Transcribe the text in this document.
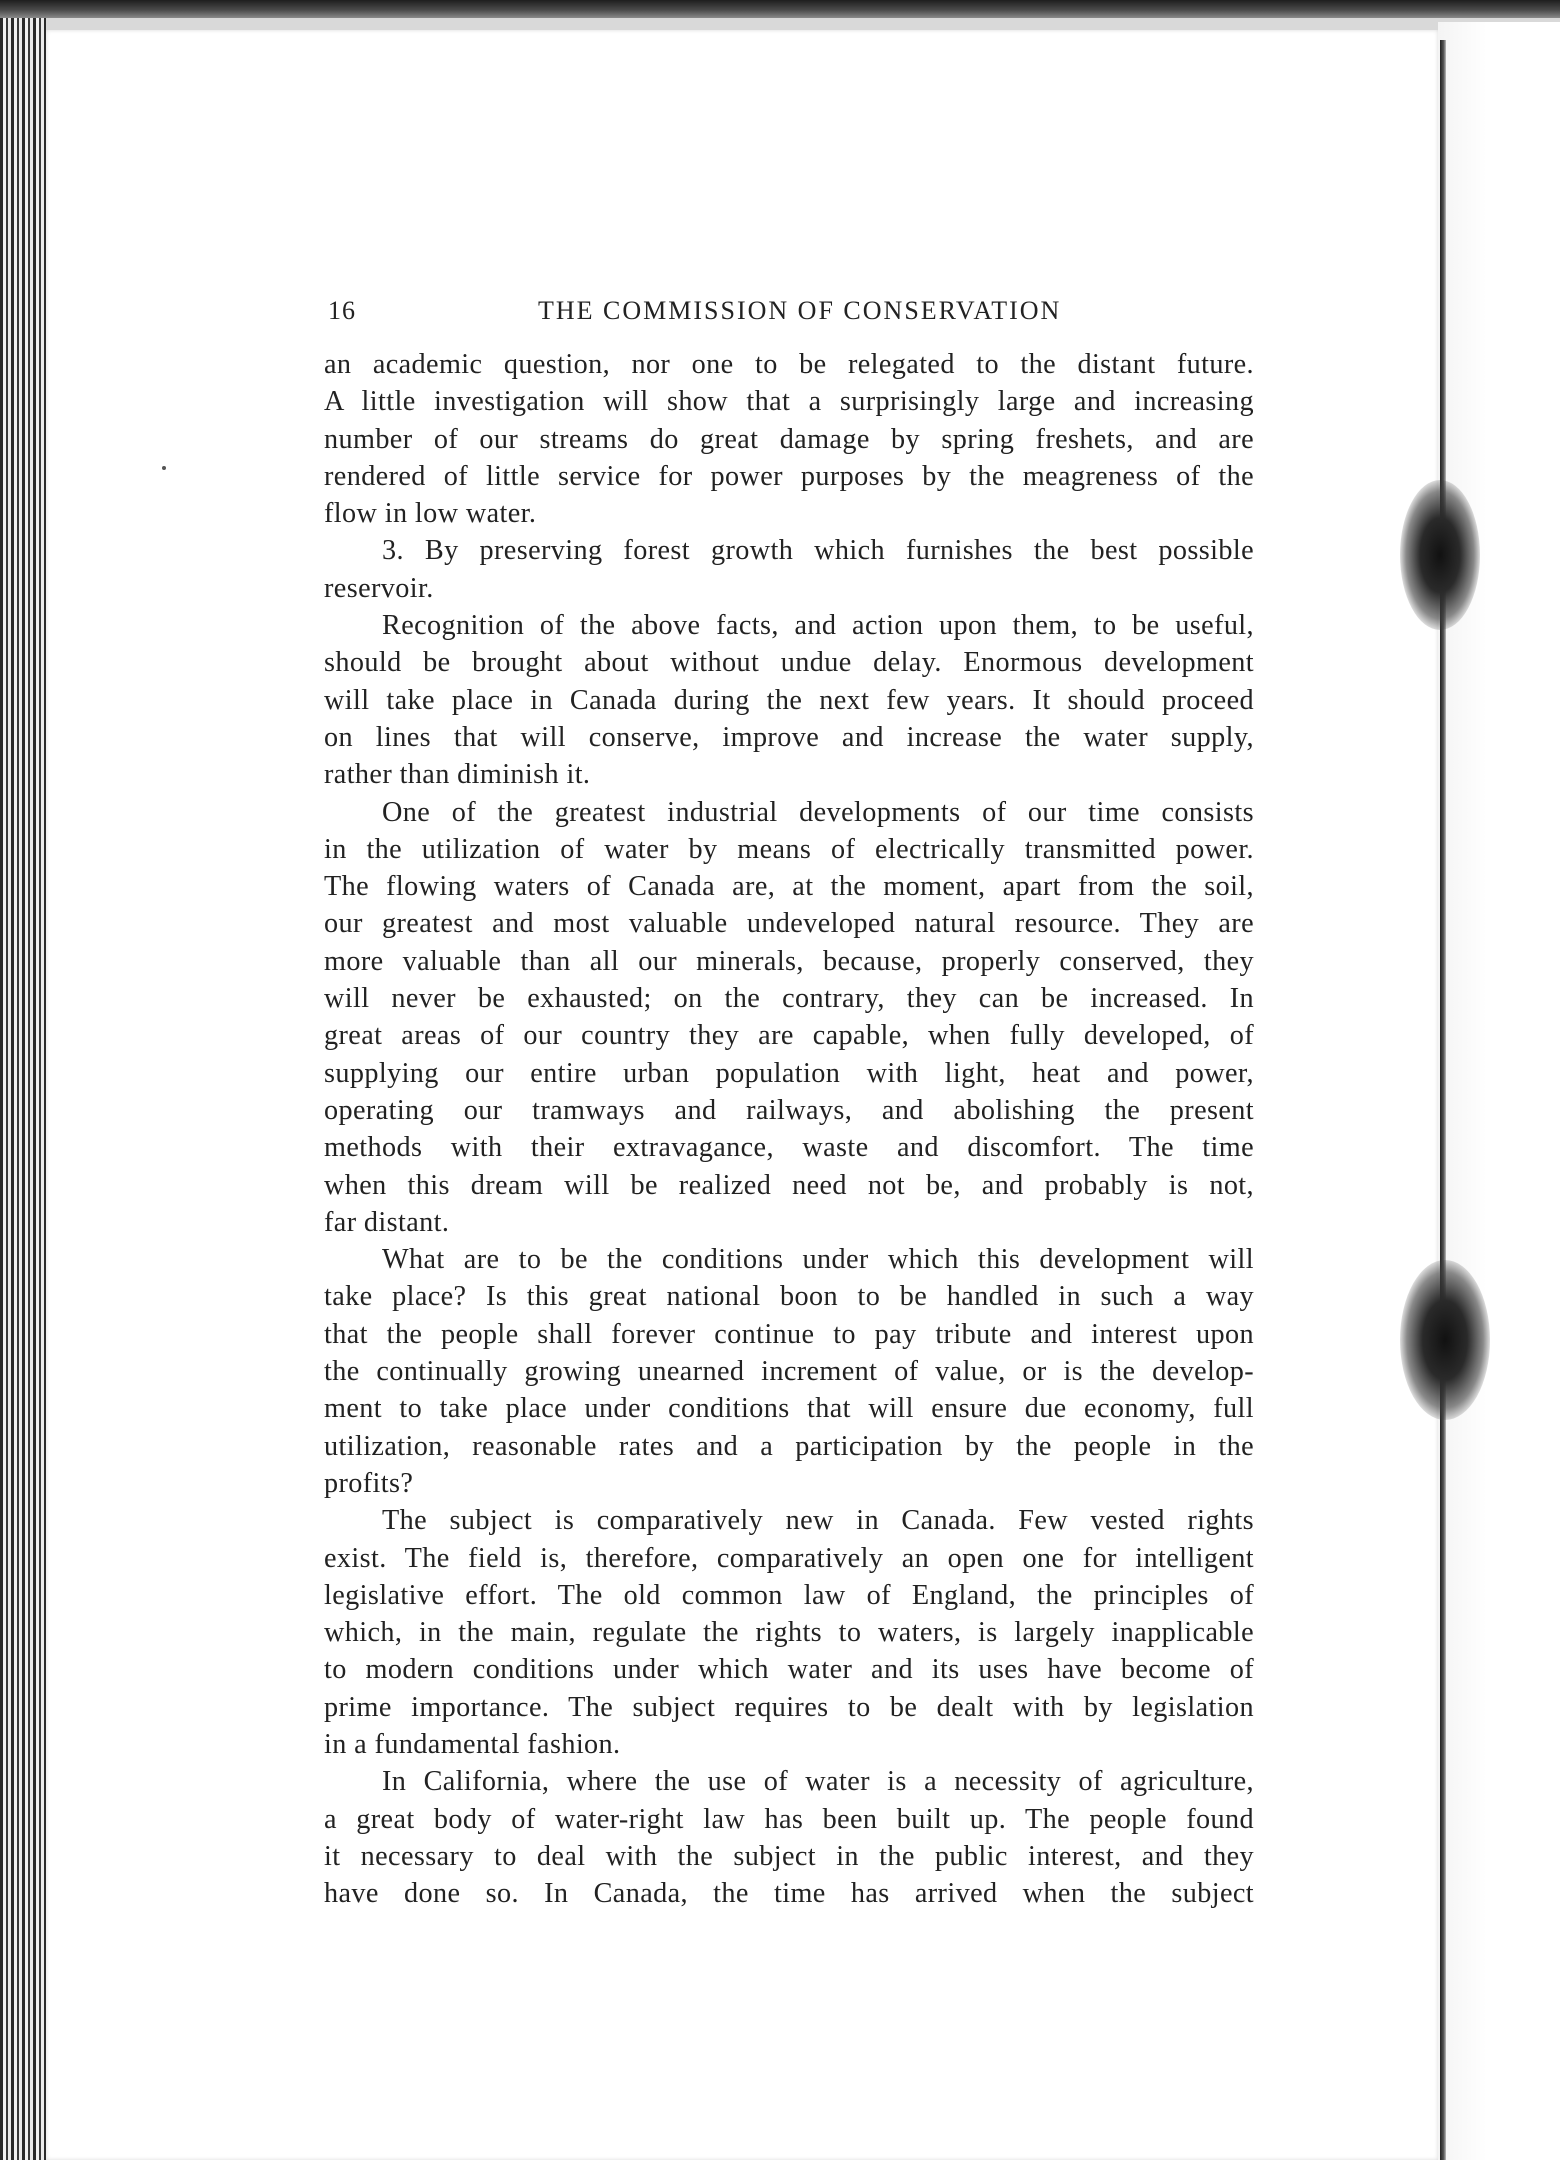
16	THE COMMISSION OF CONSERVATION
an academic question, nor one to be relegated to the distant future.
A little investigation will show that a surprisingly large and increasing
number of our streams do great damage by spring freshets, and are
rendered of little service for power purposes by the meagreness of the
flow in low water.
3. By preserving forest growth which furnishes the best possible
reservoir.
Recognition of the above facts, and action upon them, to be useful,
should be brought about without undue delay. Enormous development
will take place in Canada during the next few years. It should proceed
on lines that will conserve, improve and increase the water supply,
rather than diminish it.
One of the greatest industrial developments of our time consists
in the utilization of water by means of electrically transmitted power.
The flowing waters of Canada are, at the moment, apart from the soil,
our greatest and most valuable undeveloped natural resource. They are
more valuable than all our minerals, because, properly conserved, they
will never be exhausted; on the contrary, they can be increased. In
great areas of our country they are capable, when fully developed, of
supplying our entire urban population with light, heat and power,
operating our tramways and railways, and abolishing the present
methods with their extravagance, waste and discomfort. The time
when this dream will be realized need not be, and probably is not,
far distant.
What are to be the conditions under which this development will
take place? Is this great national boon to be handled in such a way
that the people shall forever continue to pay tribute and interest upon
the continually growing unearned increment of value, or is the develop-
ment to take place under conditions that will ensure due economy, full
utilization, reasonable rates and a participation by the people in the
profits?
The subject is comparatively new in Canada. Few vested rights
exist. The field is, therefore, comparatively an open one for intelligent
legislative effort. The old common law of England, the principles of
which, in the main, regulate the rights to waters, is largely inapplicable
to modern conditions under which water and its uses have become of
prime importance. The subject requires to be dealt with by legislation
in a fundamental fashion.
In California, where the use of water is a necessity of agriculture,
a great body of water-right law has been built up. The people found
it necessary to deal with the subject in the public interest, and they
have done so. In Canada, the time has arrived when the subject
